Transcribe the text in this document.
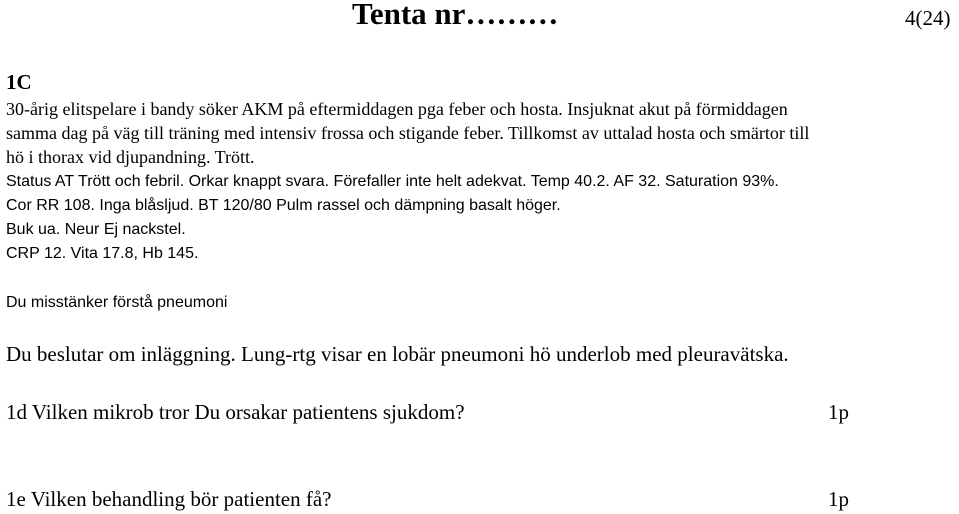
Tenta nr………	4(24)
1C
30-årig elitspelare i bandy söker AKM på eftermiddagen pga feber och hosta. Insjuknat akut på förmiddagen
samma dag på väg till träning med intensiv frossa och stigande feber. Tillkomst av uttalad hosta och smärtor till
hö i thorax vid djupandning. Trött.
Status AT Trött och febril. Orkar knappt svara. Förefaller inte helt adekvat. Temp 40.2. AF 32. Saturation 93%.
Cor RR 108. Inga blåsljud. BT 120/80 Pulm rassel och dämpning basalt höger.
Buk ua. Neur Ej nackstel.
CRP 12. Vita 17.8, Hb 145.
Du misstänker förstå pneumoni
Du beslutar om inläggning. Lung-rtg visar en lobär pneumoni hö underlob med pleuravätska.
1d Vilken mikrob tror Du orsakar patientens sjukdom?	1p
1e Vilken behandling bör patienten få?	1p
